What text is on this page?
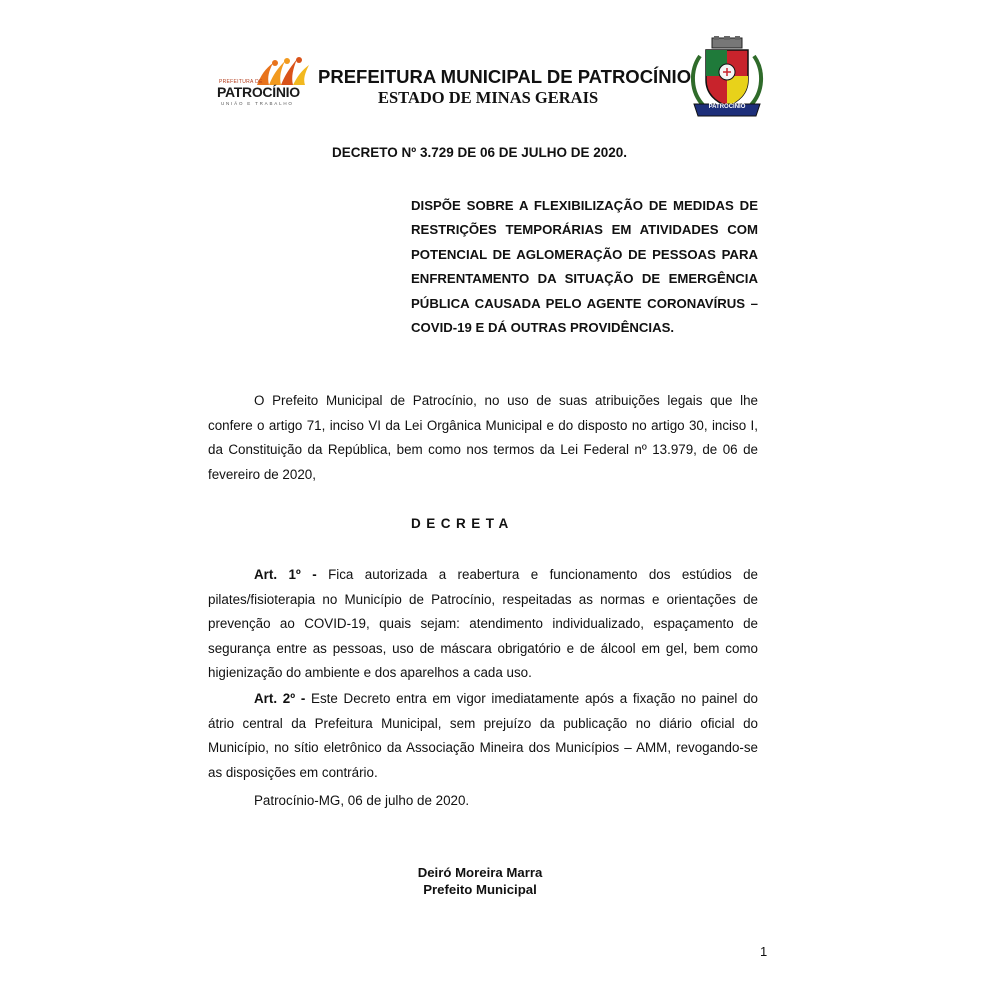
PREFEITURA DE
PATROCÍNIO
UNIÃO E TRABALHO
PREFEITURA MUNICIPAL DE PATROCÍNIO
ESTADO DE MINAS GERAIS	PATROCÍNIO
DECRETO Nº 3.729 DE 06 DE JULHO DE 2020.
DISPÕE SOBRE A FLEXIBILIZAÇÃO DE MEDIDAS DE RESTRIÇÕES TEMPORÁRIAS EM ATIVIDADES COM POTENCIAL DE AGLOMERAÇÃO DE PESSOAS PARA ENFRENTAMENTO DA SITUAÇÃO DE EMERGÊNCIA PÚBLICA CAUSADA PELO AGENTE CORONAVÍRUS – COVID-19 E DÁ OUTRAS PROVIDÊNCIAS.
O Prefeito Municipal de Patrocínio, no uso de suas atribuições legais que lhe confere o artigo 71, inciso VI da Lei Orgânica Municipal e do disposto no artigo 30, inciso I, da Constituição da República, bem como nos termos da Lei Federal nº 13.979, de 06 de fevereiro de 2020,
DECRETA
Art. 1º - Fica autorizada a reabertura e funcionamento dos estúdios de pilates/fisioterapia no Município de Patrocínio, respeitadas as normas e orientações de prevenção ao COVID-19, quais sejam: atendimento individualizado, espaçamento de segurança entre as pessoas, uso de máscara obrigatório e de álcool em gel, bem como higienização do ambiente e dos aparelhos a cada uso.
Art. 2º - Este Decreto entra em vigor imediatamente após a fixação no painel do átrio central da Prefeitura Municipal, sem prejuízo da publicação no diário oficial do Município, no sítio eletrônico da Associação Mineira dos Municípios – AMM, revogando-se as disposições em contrário.
Patrocínio-MG, 06 de julho de 2020.
Deiró Moreira Marra
Prefeito Municipal
1
